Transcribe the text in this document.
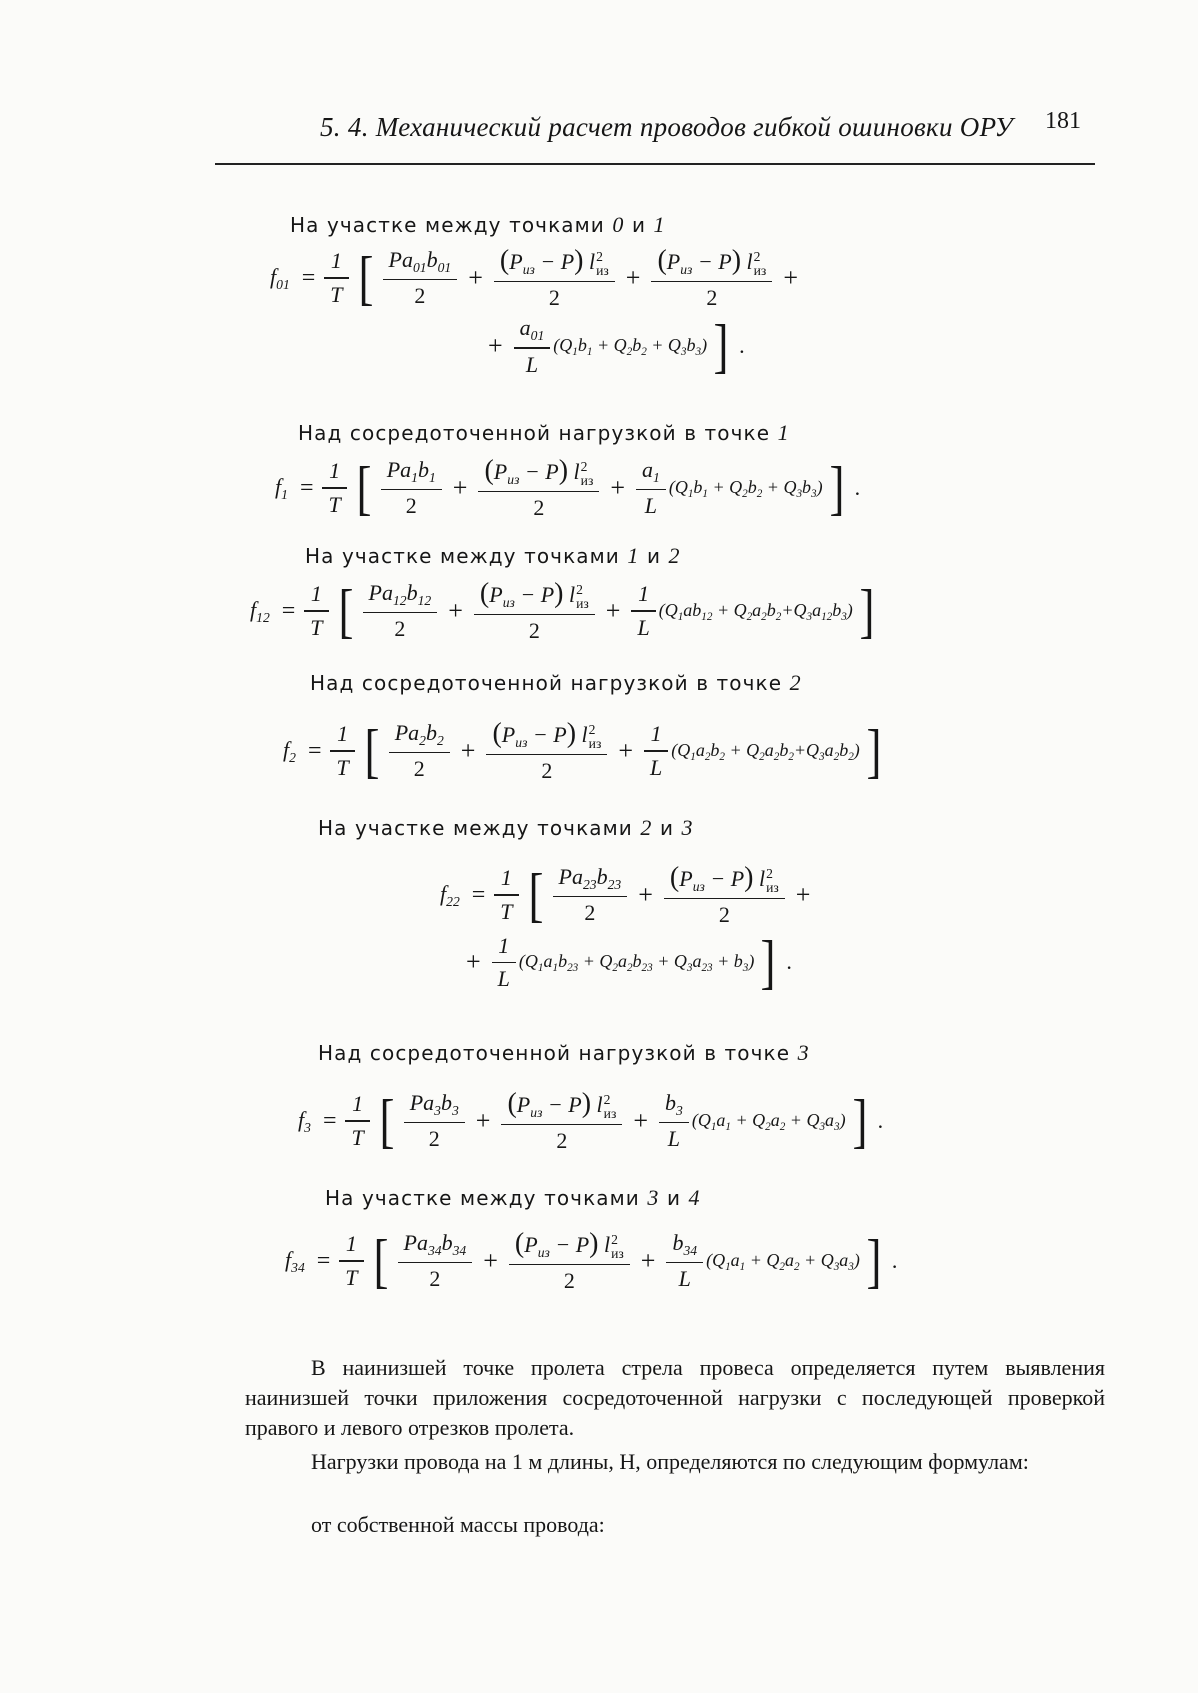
5. 4. Механический расчет проводов гибкой ошиновки ОРУ 181
На участке между точками 0 и 1
$f_{01} = \frac{1}{T}$ [ $\frac{Pa_{01}b_{01}}{2} + (P_{из} - P)$ l 2
из
$2 + (P_{из} - P)$ l 2
из
2 +
+ $\frac{a_{01}}{L} (Q_1b_1 + Q_2b_2 + Q_3b_3)$ ] .
Над сосредоточенной нагрузкой в точке 1
$f_1 = \frac{1}{T}$ [ $\frac{Pa_1b_1}{2} + (P_{из} - P)$ l 2
из
$2 + \frac{a_1}{L} (Q_1b_1 + Q_2b_2 + Q_3b_3)$ ] .
На участке между точками 1 и 2
$f_{12} = \frac{1}{T}$ [ $\frac{Pa_{12}b_{12}}{2} + (P_{из} - P)$ l 2
из
$2 + \frac{1}{L} (Q_1ab_{12} + Q_2a_2b_2+Q_3a_{12}b_3)$ ]
Над сосредоточенной нагрузкой в точке 2
$f_2 = \frac{1}{T}$ [ $\frac{Pa_2b_2}{2} + (P_{из} - P)$ l 2
из
$2 + \frac{1}{L} (Q_1a_2b_2 + Q_2a_2b_2+Q_3a_2b_2)$ ]
На участке между точками 2 и 3
$f_{22} = \frac{1}{T}$ [ $\frac{Pa_{23}b_{23}}{2} + (P_{из} - P)$ l 2
из
2 +
+ $\frac{1}{L} (Q_1a_1b_{23} + Q_2a_2b_{23} + Q_3a_{23} + b_3)$ ] .
Над сосредоточенной нагрузкой в точке 3
$f_3 = \frac{1}{T}$ [ $\frac{Pa_3b_3}{2} + (P_{из} - P)$ l 2
из
$2 + \frac{b_3}{L} (Q_1a_1 + Q_2a_2 + Q_3a_3)$ ] .
На участке между точками 3 и 4
$f_{34} = \frac{1}{T}$ [ $\frac{Pa_{34}b_{34}}{2} + (P_{из} - P)$ l 2
из
$2 + \frac{b_{34}}{L} (Q_1a_1 + Q_2a_2 + Q_3a_3)$ ] .
В наинизшей точке пролета стрела провеса определяется путем выявления наинизшей точки приложения сосредоточенной нагрузки с последующей проверкой правого и левого отрезков пролета.
Нагрузки провода на 1 м длины, Н, определяются по следующим формулам:
от собственной массы провода:
